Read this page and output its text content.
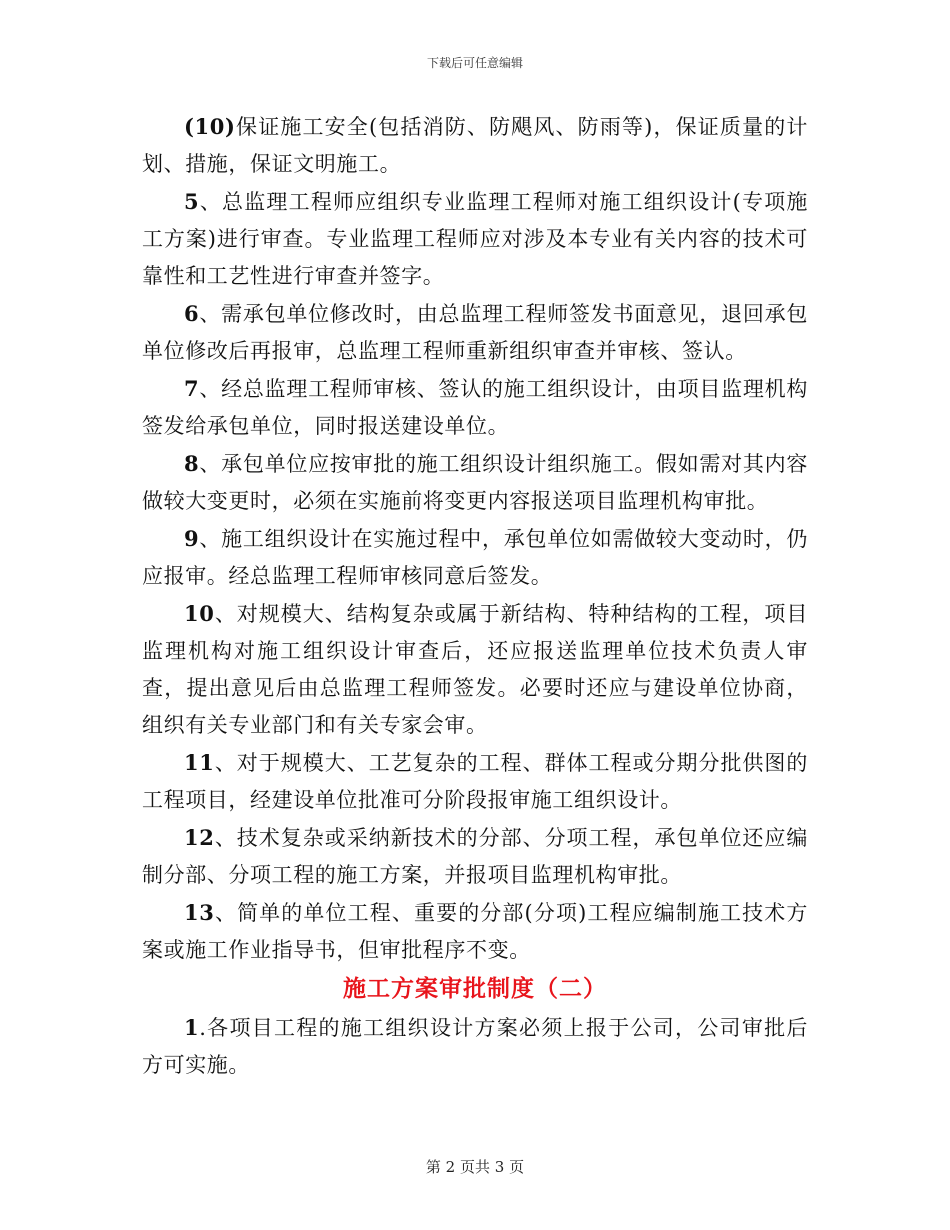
下载后可任意编辑

(10)保证施工安全(包括消防、防飓风、防雨等)，保证质量的计划、措施，保证文明施工。

5、总监理工程师应组织专业监理工程师对施工组织设计(专项施工方案)进行审查。专业监理工程师应对涉及本专业有关内容的技术可靠性和工艺性进行审查并签字。

6、需承包单位修改时，由总监理工程师签发书面意见，退回承包单位修改后再报审，总监理工程师重新组织审查并审核、签认。

7、经总监理工程师审核、签认的施工组织设计，由项目监理机构签发给承包单位，同时报送建设单位。

8、承包单位应按审批的施工组织设计组织施工。假如需对其内容做较大变更时，必须在实施前将变更内容报送项目监理机构审批。

9、施工组织设计在实施过程中，承包单位如需做较大变动时，仍应报审。经总监理工程师审核同意后签发。

10、对规模大、结构复杂或属于新结构、特种结构的工程，项目监理机构对施工组织设计审查后，还应报送监理单位技术负责人审查，提出意见后由总监理工程师签发。必要时还应与建设单位协商，组织有关专业部门和有关专家会审。

11、对于规模大、工艺复杂的工程、群体工程或分期分批供图的工程项目，经建设单位批准可分阶段报审施工组织设计。

12、技术复杂或采纳新技术的分部、分项工程，承包单位还应编制分部、分项工程的施工方案，并报项目监理机构审批。

13、简单的单位工程、重要的分部(分项)工程应编制施工技术方案或施工作业指导书，但审批程序不变。

施工方案审批制度（二）

1.各项目工程的施工组织设计方案必须上报于公司，公司审批后方可实施。

第 2 页共 3 页
